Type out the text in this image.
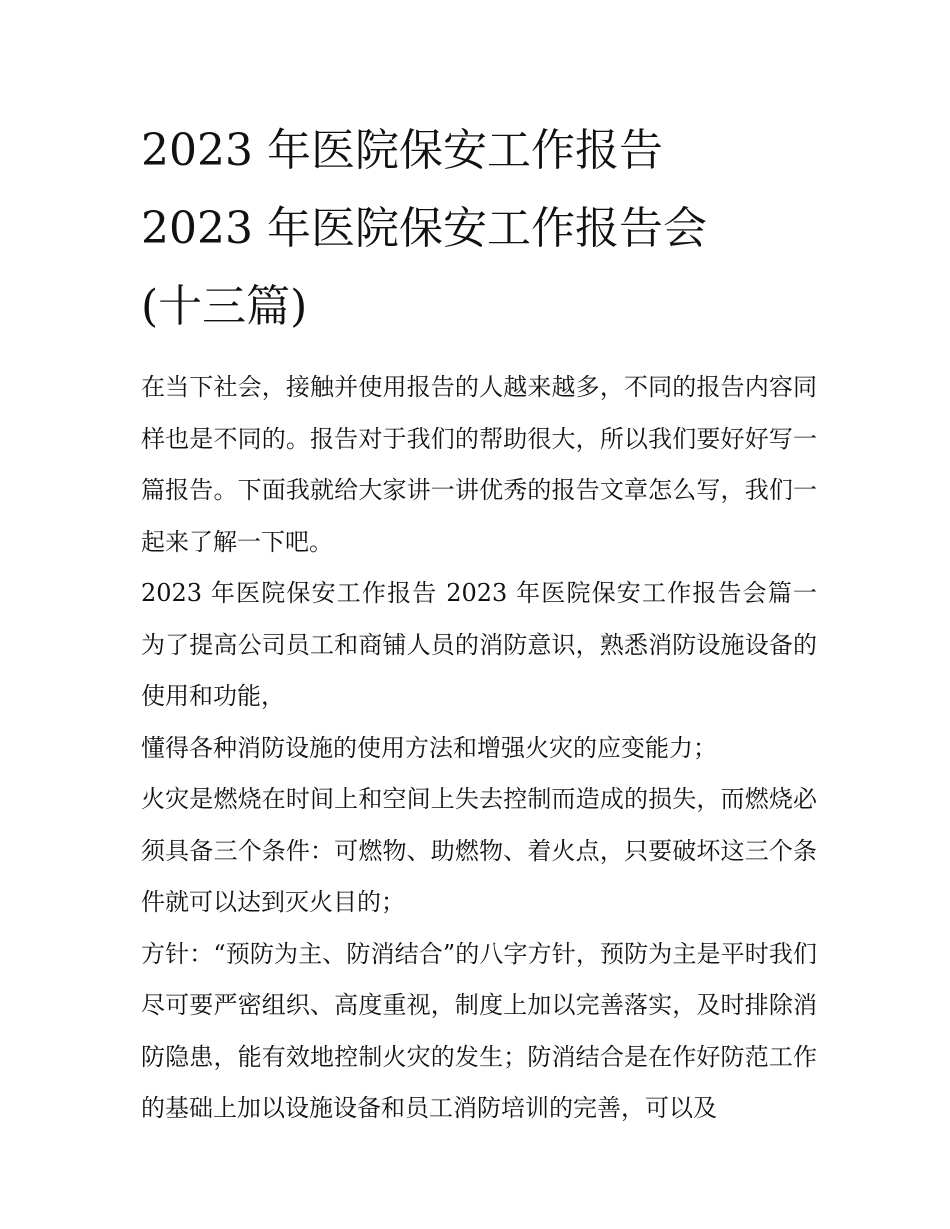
2023 年医院保安工作报告
2023 年医院保安工作报告会
(十三篇)

在当下社会，接触并使用报告的人越来越多，不同的报告内容同样也是不同的。报告对于我们的帮助很大，所以我们要好好写一篇报告。下面我就给大家讲一讲优秀的报告文章怎么写，我们一起来了解一下吧。

2023 年医院保安工作报告 2023 年医院保安工作报告会篇一 为了提高公司员工和商铺人员的消防意识，熟悉消防设施设备的使用和功能，

懂得各种消防设施的使用方法和增强火灾的应变能力；

火灾是燃烧在时间上和空间上失去控制而造成的损失，而燃烧必须具备三个条件：可燃物、助燃物、着火点，只要破坏这三个条件就可以达到灭火目的；

方针：“预防为主、防消结合”的八字方针，预防为主是平时我们尽可要严密组织、高度重视，制度上加以完善落实，及时排除消防隐患，能有效地控制火灾的发生；防消结合是在作好防范工作的基础上加以设施设备和员工消防培训的完善，可以及
